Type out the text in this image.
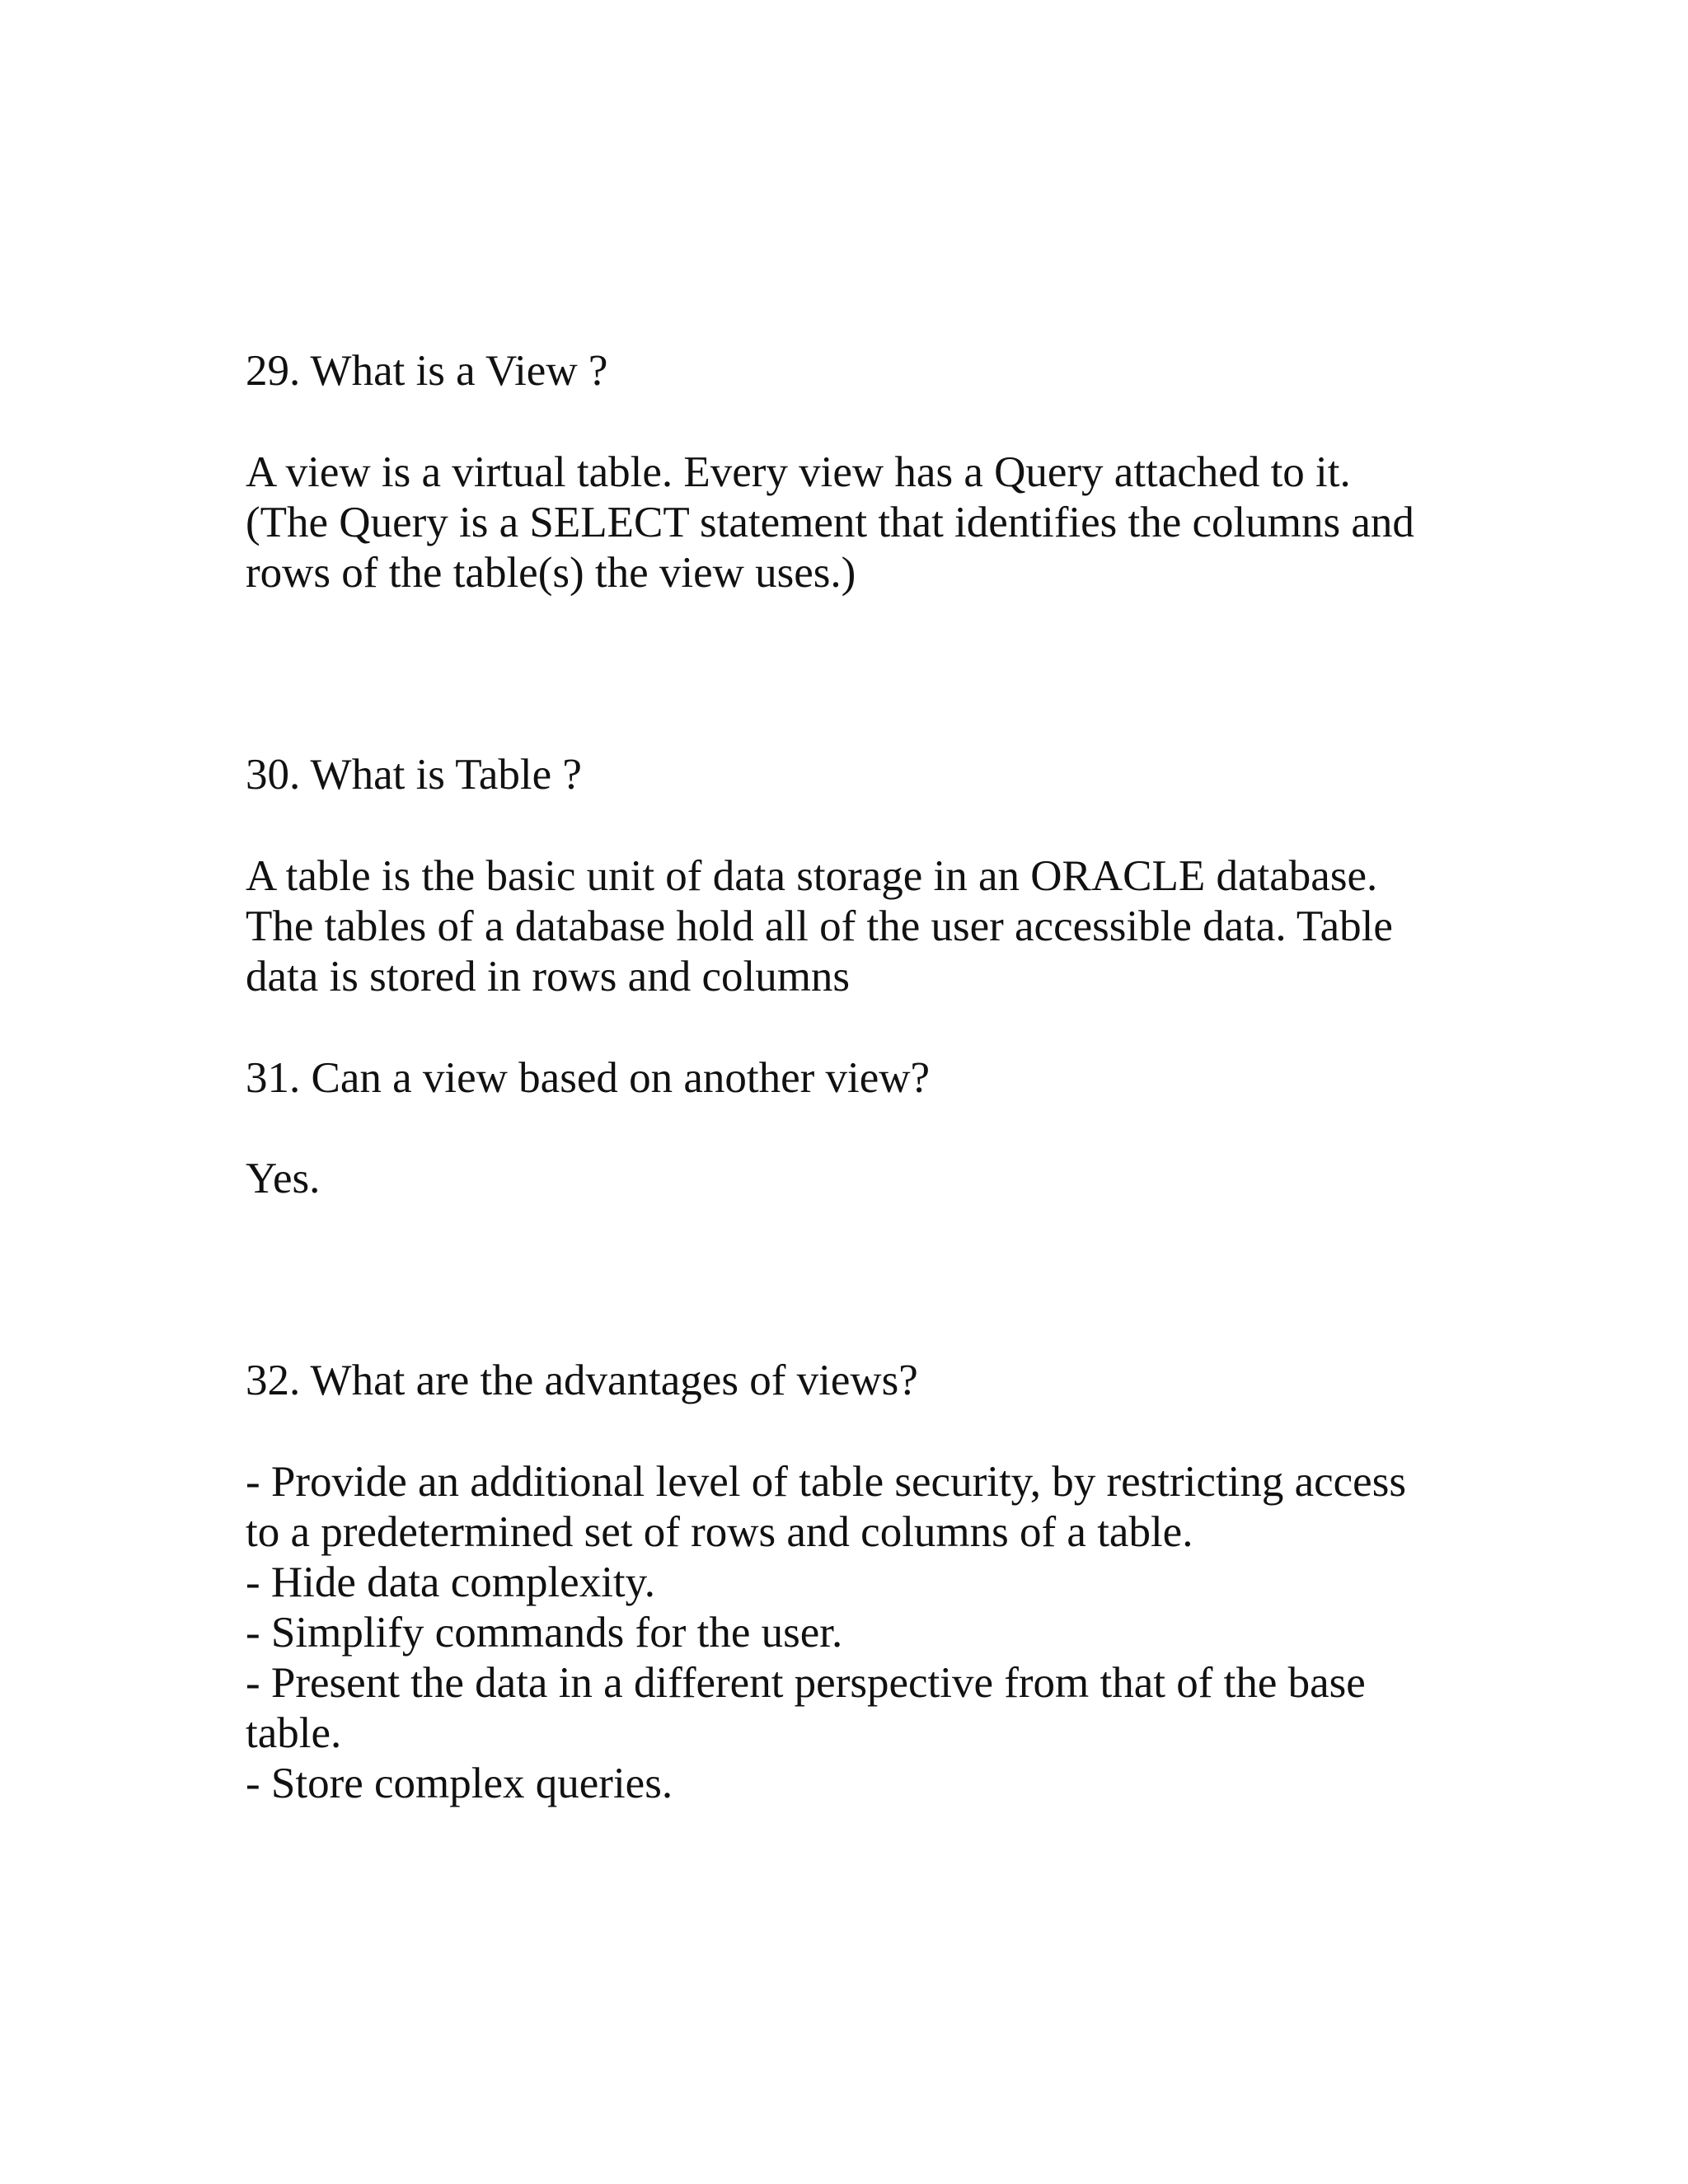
29. What is a View ?

A view is a virtual table. Every view has a Query attached to it.
(The Query is a SELECT statement that identifies the columns and
rows of the table(s) the view uses.)

30. What is Table ?

A table is the basic unit of data storage in an ORACLE database.
The tables of a database hold all of the user accessible data. Table
data is stored in rows and columns

31. Can a view based on another view?

Yes.

32. What are the advantages of views?

- Provide an additional level of table security, by restricting access
to a predetermined set of rows and columns of a table.
- Hide data complexity.
- Simplify commands for the user.
- Present the data in a different perspective from that of the base
table.
- Store complex queries.
